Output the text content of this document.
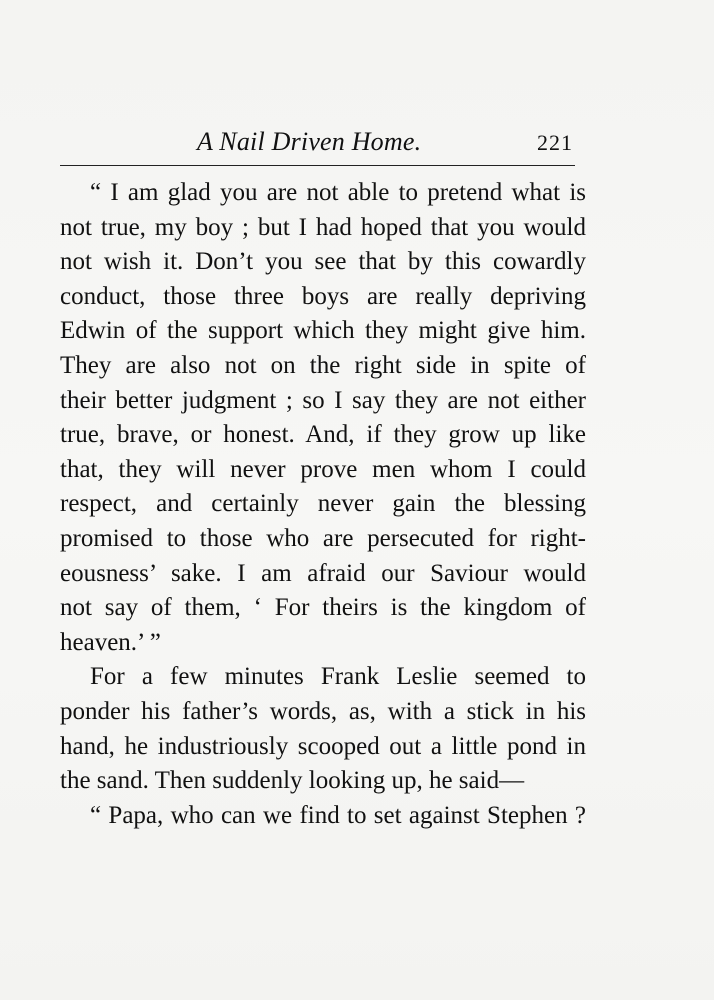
A Nail Driven Home.	221
“ I am glad you are not able to pretend what is
not true, my boy ; but I had hoped that you would
not wish it. Don’t you see that by this cowardly
conduct, those three boys are really depriving
Edwin of the support which they might give him.
They are also not on the right side in spite of
their better judgment ; so I say they are not either
true, brave, or honest. And, if they grow up like
that, they will never prove men whom I could
respect, and certainly never gain the blessing
promised to those who are persecuted for right-
eousness’ sake. I am afraid our Saviour would
not say of them, ‘ For theirs is the kingdom of
heaven.’ ”
For a few minutes Frank Leslie seemed to
ponder his father’s words, as, with a stick in his
hand, he industriously scooped out a little pond in
the sand. Then suddenly looking up, he said—
“ Papa, who can we find to set against Stephen ?
